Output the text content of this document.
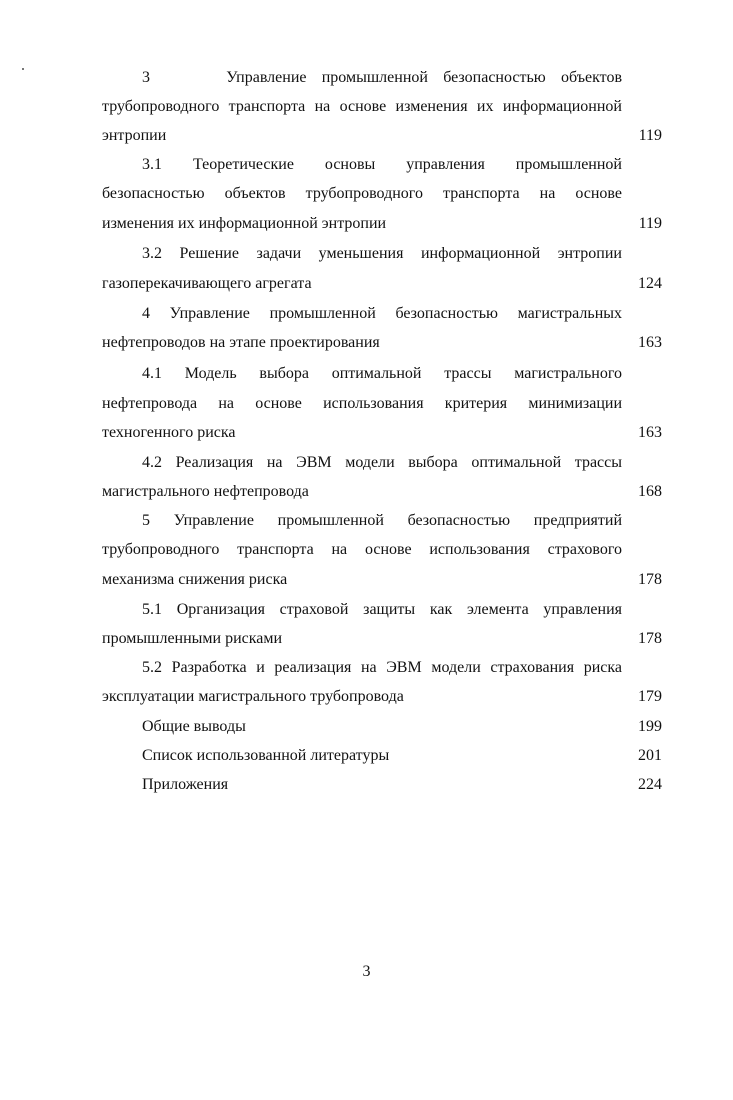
3     Управление промышленной безопасностью объектов
трубопроводного транспорта на основе изменения их информационной
энтропии	119
3.1 Теоретические основы управления промышленной
безопасностью объектов трубопроводного транспорта на основе
изменения их информационной энтропии	119
3.2 Решение задачи уменьшения информационной энтропии
газоперекачивающего агрегата	124
4 Управление промышленной безопасностью магистральных
нефтепроводов на этапе проектирования	163
4.1 Модель выбора оптимальной трассы магистрального
нефтепровода на основе использования критерия минимизации
техногенного риска	163
4.2 Реализация на ЭВМ модели выбора оптимальной трассы
магистрального нефтепровода	168
5 Управление промышленной безопасностью предприятий
трубопроводного транспорта на основе использования страхового
механизма снижения риска	178
5.1 Организация страховой защиты как элемента управления
промышленными рисками	178
5.2 Разработка и реализация на ЭВМ модели страхования риска
эксплуатации магистрального трубопровода	179
Общие выводы	199
Список использованной литературы	201
Приложения	224
3
